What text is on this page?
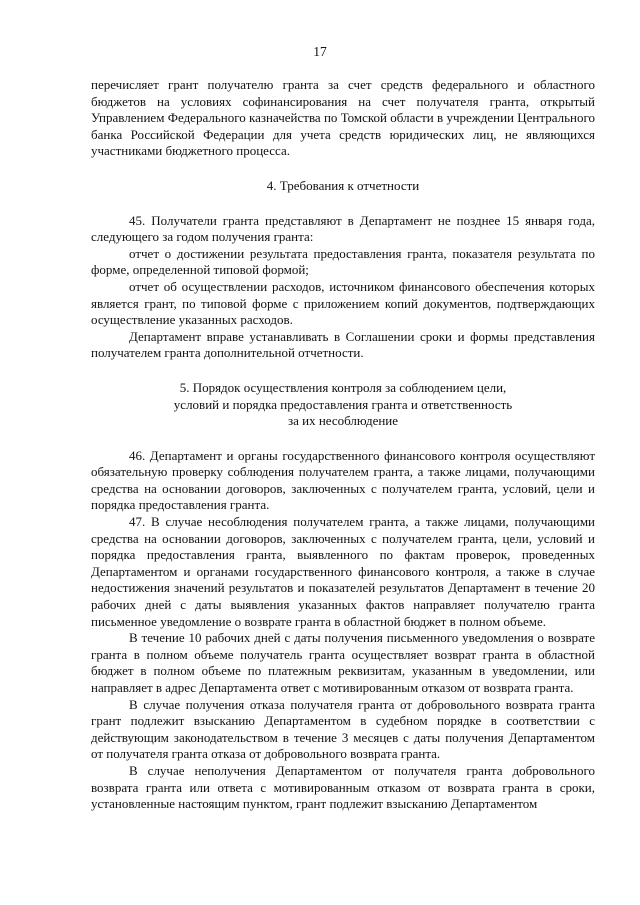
17

перечисляет грант получателю гранта за счет средств федерального и областного бюджетов на условиях софинансирования на счет получателя гранта, открытый Управлением Федерального казначейства по Томской области в учреждении Центрального банка Российской Федерации для учета средств юридических лиц, не являющихся участниками бюджетного процесса.

4. Требования к отчетности

45. Получатели гранта представляют в Департамент не позднее 15 января года, следующего за годом получения гранта:

отчет о достижении результата предоставления гранта, показателя результата по форме, определенной типовой формой;

отчет об осуществлении расходов, источником финансового обеспечения которых является грант, по типовой форме с приложением копий документов, подтверждающих осуществление указанных расходов.

Департамент вправе устанавливать в Соглашении сроки и формы представления получателем гранта дополнительной отчетности.

5. Порядок осуществления контроля за соблюдением цели,
условий и порядка предоставления гранта и ответственность
за их несоблюдение

46. Департамент и органы государственного финансового контроля осуществляют обязательную проверку соблюдения получателем гранта, а также лицами, получающими средства на основании договоров, заключенных с получателем гранта, условий, цели и порядка предоставления гранта.

47. В случае несоблюдения получателем гранта, а также лицами, получающими средства на основании договоров, заключенных с получателем гранта, цели, условий и порядка предоставления гранта, выявленного по фактам проверок, проведенных Департаментом и органами государственного финансового контроля, а также в случае недостижения значений результатов и показателей результатов Департамент в течение 20 рабочих дней с даты выявления указанных фактов направляет получателю гранта письменное уведомление о возврате гранта в областной бюджет в полном объеме.

В течение 10 рабочих дней с даты получения письменного уведомления о возврате гранта в полном объеме получатель гранта осуществляет возврат гранта в областной бюджет в полном объеме по платежным реквизитам, указанным в уведомлении, или направляет в адрес Департамента ответ с мотивированным отказом от возврата гранта.

В случае получения отказа получателя гранта от добровольного возврата гранта грант подлежит взысканию Департаментом в судебном порядке в соответствии с действующим законодательством в течение 3 месяцев с даты получения Департаментом от получателя гранта отказа от добровольного возврата гранта.

В случае неполучения Департаментом от получателя гранта добровольного возврата гранта или ответа с мотивированным отказом от возврата гранта в сроки, установленные настоящим пунктом, грант подлежит взысканию Департаментом
